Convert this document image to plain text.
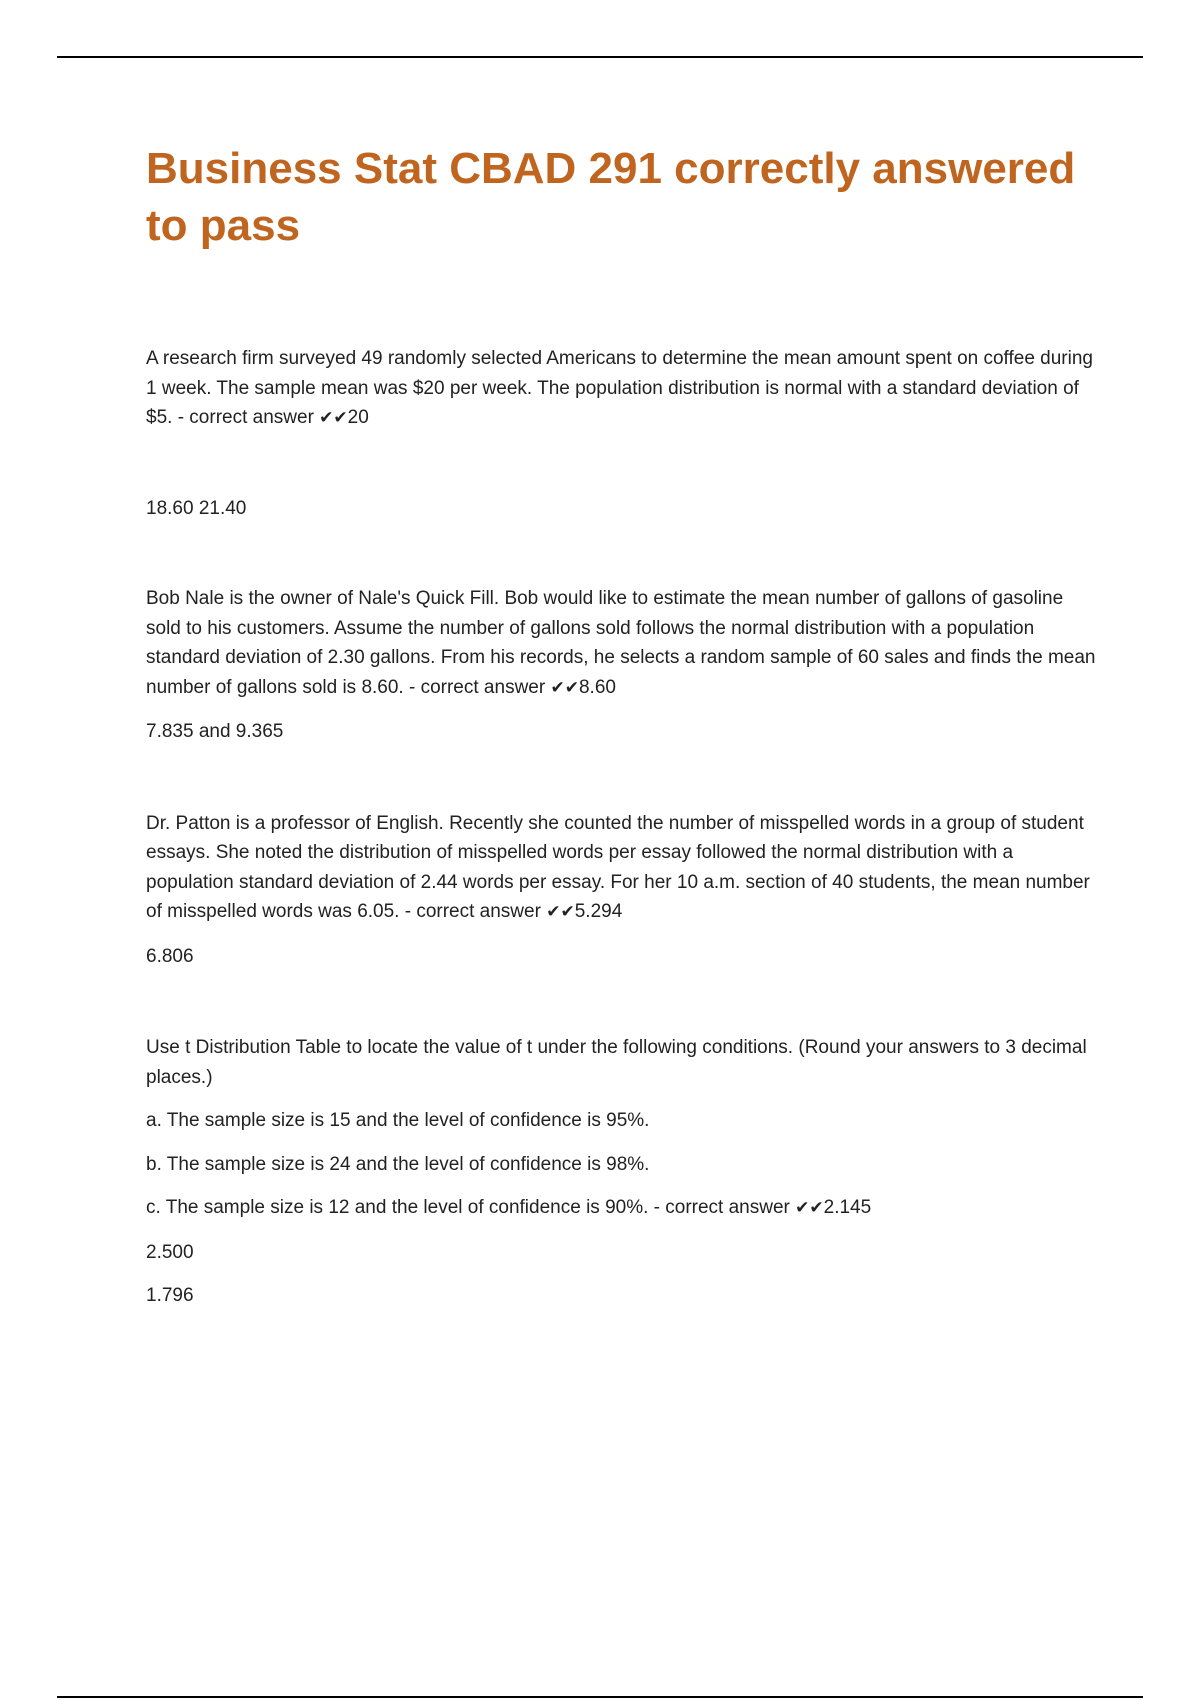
Business Stat CBAD 291 correctly answered to pass

A research firm surveyed 49 randomly selected Americans to determine the mean amount spent on coffee during 1 week. The sample mean was $20 per week. The population distribution is normal with a standard deviation of $5. - correct answer ✔✔20

18.60 21.40

Bob Nale is the owner of Nale's Quick Fill. Bob would like to estimate the mean number of gallons of gasoline sold to his customers. Assume the number of gallons sold follows the normal distribution with a population standard deviation of 2.30 gallons. From his records, he selects a random sample of 60 sales and finds the mean number of gallons sold is 8.60. - correct answer ✔✔8.60

7.835 and 9.365

Dr. Patton is a professor of English. Recently she counted the number of misspelled words in a group of student essays. She noted the distribution of misspelled words per essay followed the normal distribution with a population standard deviation of 2.44 words per essay. For her 10 a.m. section of 40 students, the mean number of misspelled words was 6.05. - correct answer ✔✔5.294

6.806

Use t Distribution Table to locate the value of t under the following conditions. (Round your answers to 3 decimal places.)

a. The sample size is 15 and the level of confidence is 95%.

b. The sample size is 24 and the level of confidence is 98%.

c. The sample size is 12 and the level of confidence is 90%. - correct answer ✔✔2.145

2.500

1.796
